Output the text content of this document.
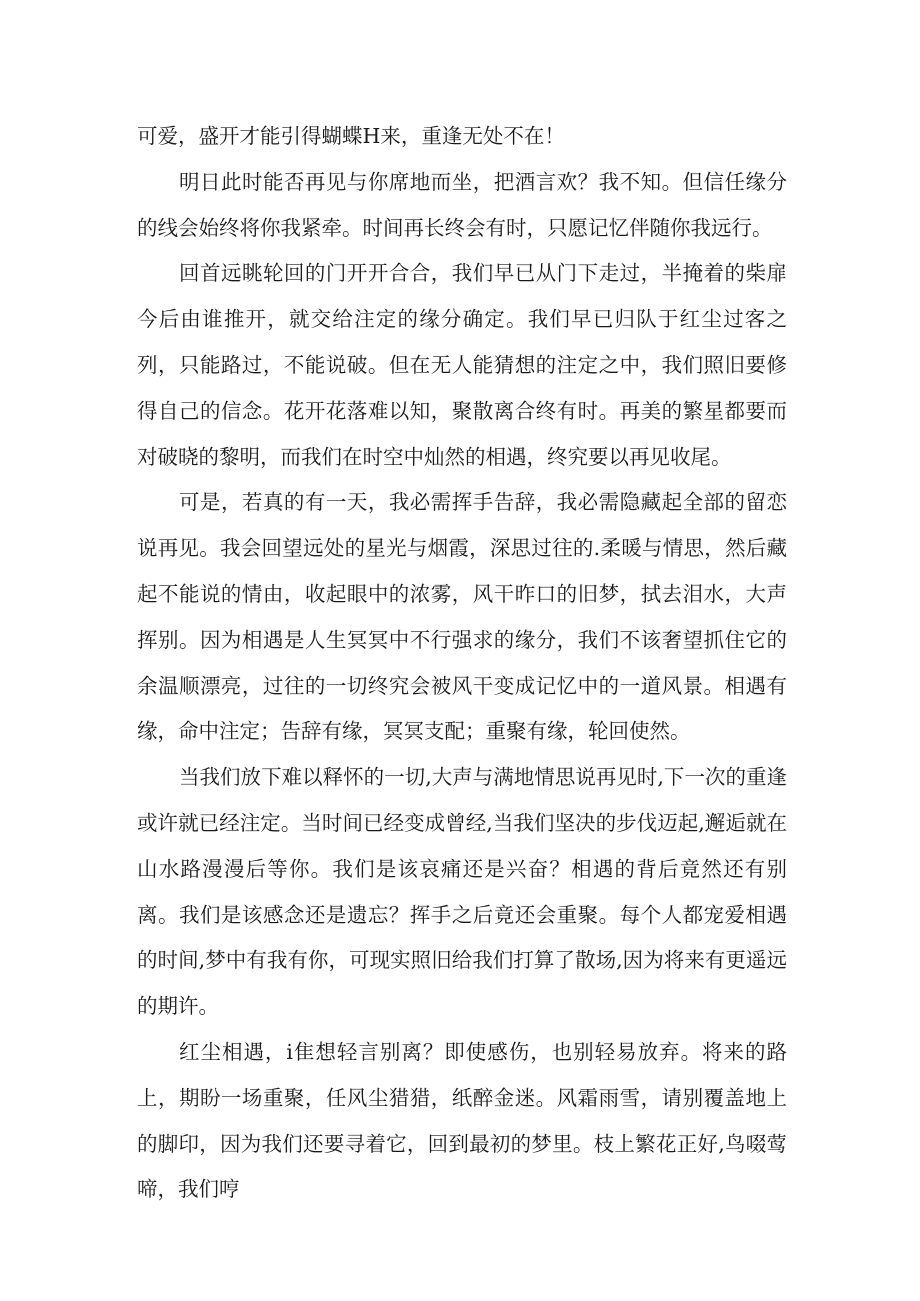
可爱，盛开才能引得蝴蝶H来，重逢无处不在！

明日此时能否再见与你席地而坐，把酒言欢？我不知。但信任缘分的线会始终将你我紧牵。时间再长终会有时，只愿记忆伴随你我远行。

回首远眺轮回的门开开合合，我们早已从门下走过，半掩着的柴扉今后由谁推开，就交给注定的缘分确定。我们早已归队于红尘过客之列，只能路过，不能说破。但在无人能猜想的注定之中，我们照旧要修得自己的信念。花开花落难以知，聚散离合终有时。再美的繁星都要而对破晓的黎明，而我们在时空中灿然的相遇，终究要以再见收尾。

可是，若真的有一天，我必需挥手告辞，我必需隐藏起全部的留恋说再见。我会回望远处的星光与烟霞，深思过往的.柔暖与情思，然后藏起不能说的情由，收起眼中的浓雾，风干昨口的旧梦，拭去泪水，大声挥别。因为相遇是人生冥冥中不行强求的缘分，我们不该奢望抓住它的余温顺漂亮，过往的一切终究会被风干变成记忆中的一道风景。相遇有缘，命中注定；告辞有缘，冥冥支配；重聚有缘，轮回使然。

当我们放下难以释怀的一切,大声与满地情思说再见时,下一次的重逢或许就已经注定。当时间已经变成曾经,当我们坚决的步伐迈起,邂逅就在山水路漫漫后等你。我们是该哀痛还是兴奋？相遇的背后竟然还有别离。我们是该感念还是遗忘？挥手之后竟还会重聚。每个人都宠爱相遇的时间,梦中有我有你，可现实照旧给我们打算了散场,因为将来有更遥远的期许。

红尘相遇，i隹想轻言别离？即使感伤，也别轻易放弃。将来的路上，期盼一场重聚，任风尘猎猎，纸醉金迷。风霜雨雪，请别覆盖地上的脚印，因为我们还要寻着它，回到最初的梦里。枝上繁花正好,鸟啜莺啼，我们哼
